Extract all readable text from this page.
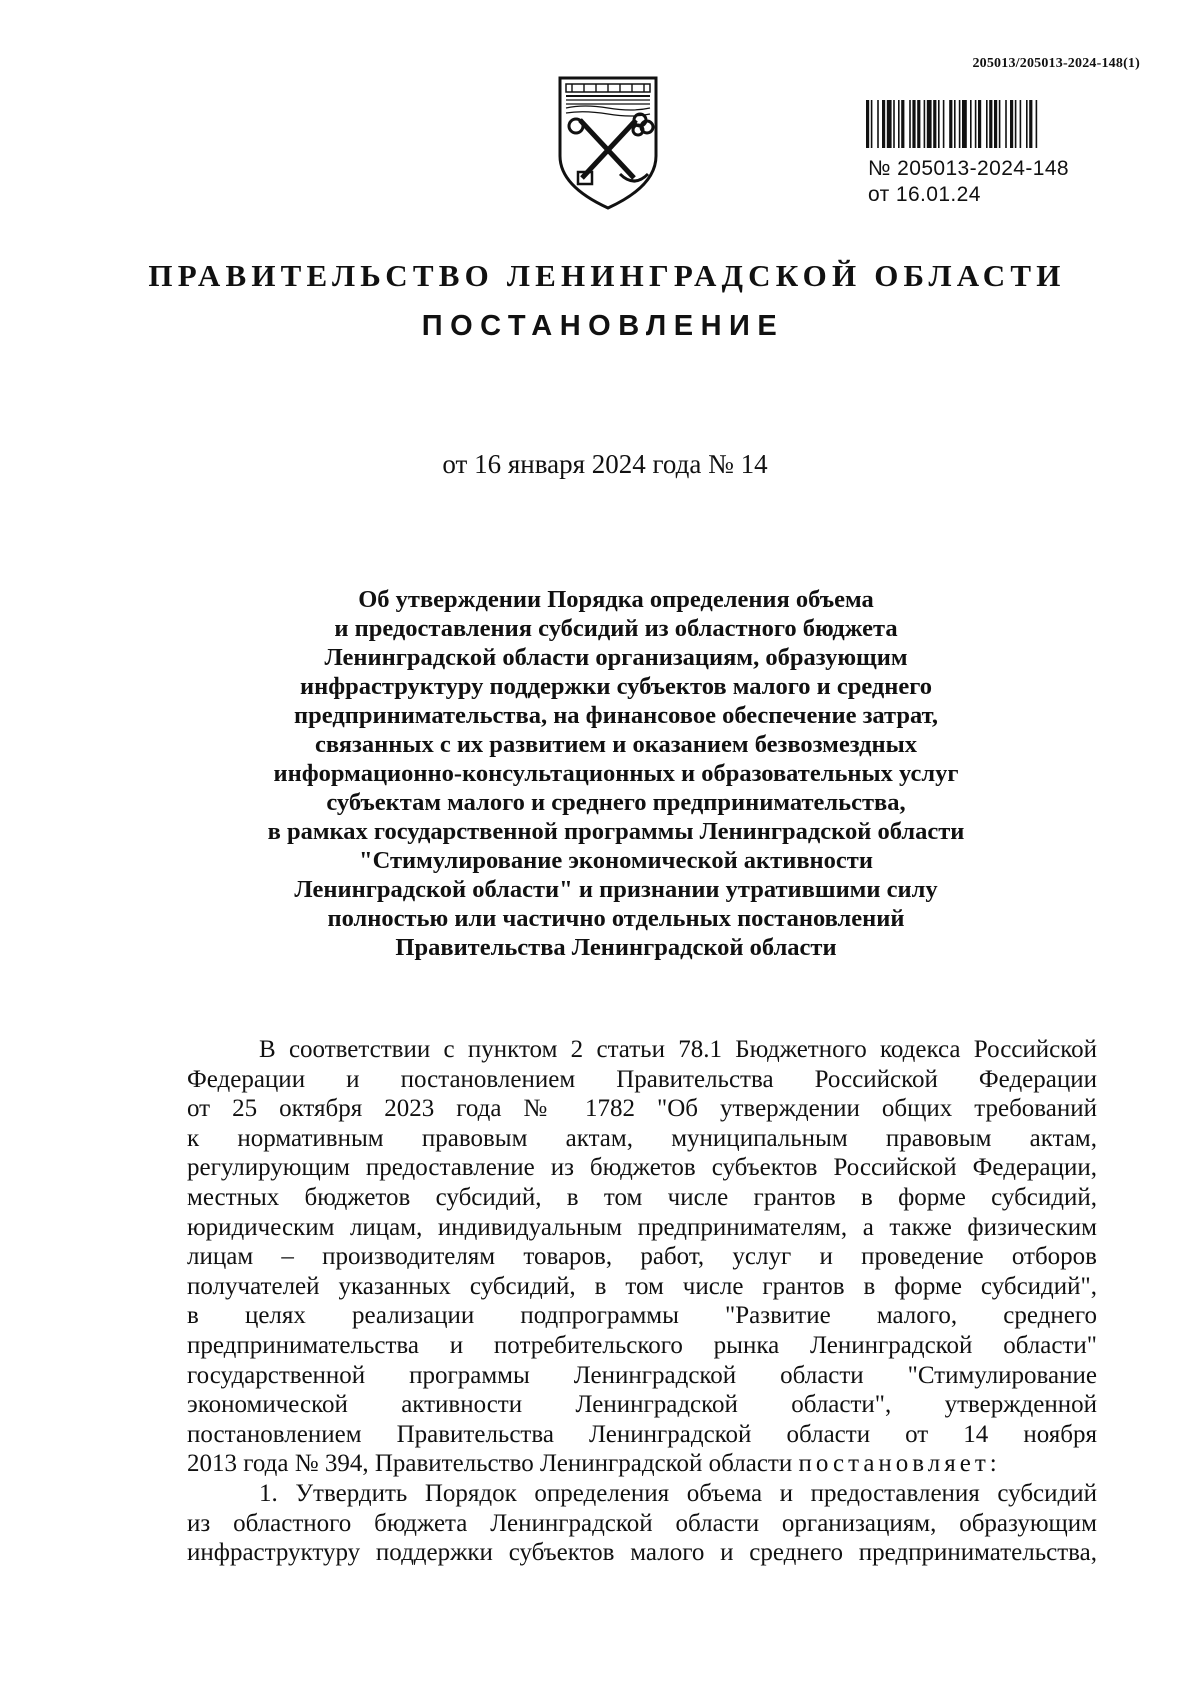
205013/205013-2024-148(1)
№ 205013-2024-148
от 16.01.24
ПРАВИТЕЛЬСТВО ЛЕНИНГРАДСКОЙ ОБЛАСТИ
ПОСТАНОВЛЕНИЕ
от 16 января 2024 года № 14
Об утверждении Порядка определения объема
и предоставления субсидий из областного бюджета
Ленинградской области организациям, образующим
инфраструктуру поддержки субъектов малого и среднего
предпринимательства, на финансовое обеспечение затрат,
связанных с их развитием и оказанием безвозмездных
информационно-консультационных и образовательных услуг
субъектам малого и среднего предпринимательства,
в рамках государственной программы Ленинградской области
"Стимулирование экономической активности
Ленинградской области" и признании утратившими силу
полностью или частично отдельных постановлений
Правительства Ленинградской области
В соответствии с пунктом 2 статьи 78.1 Бюджетного кодекса Российской
Федерации и постановлением Правительства Российской Федерации
от 25 октября 2023 года № 1782 "Об утверждении общих требований
к нормативным правовым актам, муниципальным правовым актам,
регулирующим предоставление из бюджетов субъектов Российской Федерации,
местных бюджетов субсидий, в том числе грантов в форме субсидий,
юридическим лицам, индивидуальным предпринимателям, а также физическим
лицам – производителям товаров, работ, услуг и проведение отборов
получателей указанных субсидий, в том числе грантов в форме субсидий",
в целях реализации подпрограммы "Развитие малого, среднего
предпринимательства и потребительского рынка Ленинградской области"
государственной программы Ленинградской области "Стимулирование
экономической активности Ленинградской области", утвержденной
постановлением Правительства Ленинградской области от 14 ноября
2013 года № 394, Правительство Ленинградской области постановляет:
1. Утвердить Порядок определения объема и предоставления субсидий
из областного бюджета Ленинградской области организациям, образующим
инфраструктуру поддержки субъектов малого и среднего предпринимательства,
